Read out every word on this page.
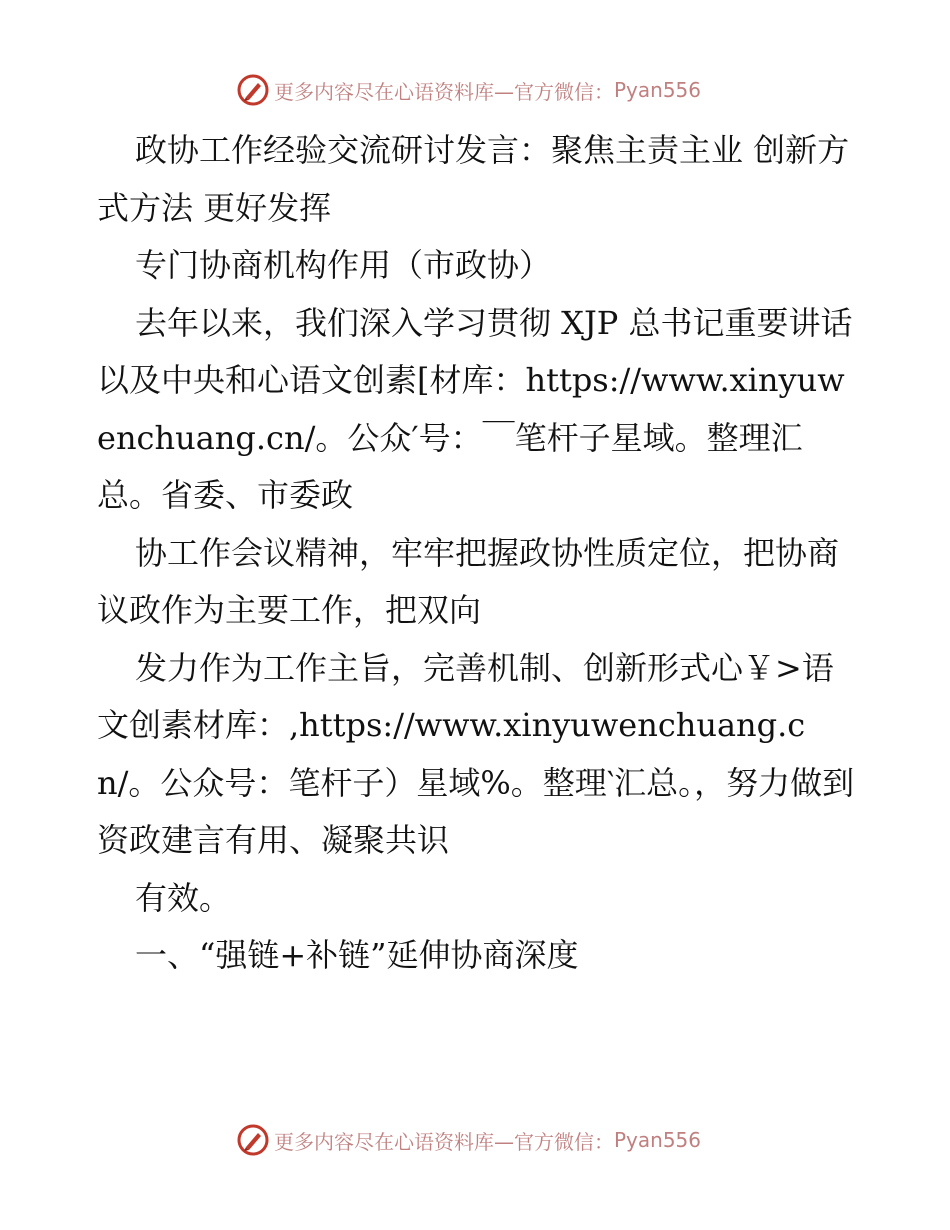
更多内容尽在心语资料库—官方微信： Pyan556

政协工作经验交流研讨发言：聚焦主责主业 创新方式方法 更好发挥

专门协商机构作用（市政协）

去年以来，我们深入学习贯彻 XJP 总书记重要讲话以及中央和心语文创素[材库：https://www.xinyuwenchuang.cn/。公众′号：￣笔杆子星域。整理汇总。省委、市委政

协工作会议精神，牢牢把握政协性质定位，把协商议政作为主要工作，把双向

发力作为工作主旨，完善机制、创新形式心￥>语文创素材库：,https://www.xinyuwenchuang.cn/。公众号：笔杆子）星域%。整理‵汇总。，努力做到资政建言有用、凝聚共识

有效。

一、“强链+补链”延伸协商深度

更多内容尽在心语资料库—官方微信： Pyan556
